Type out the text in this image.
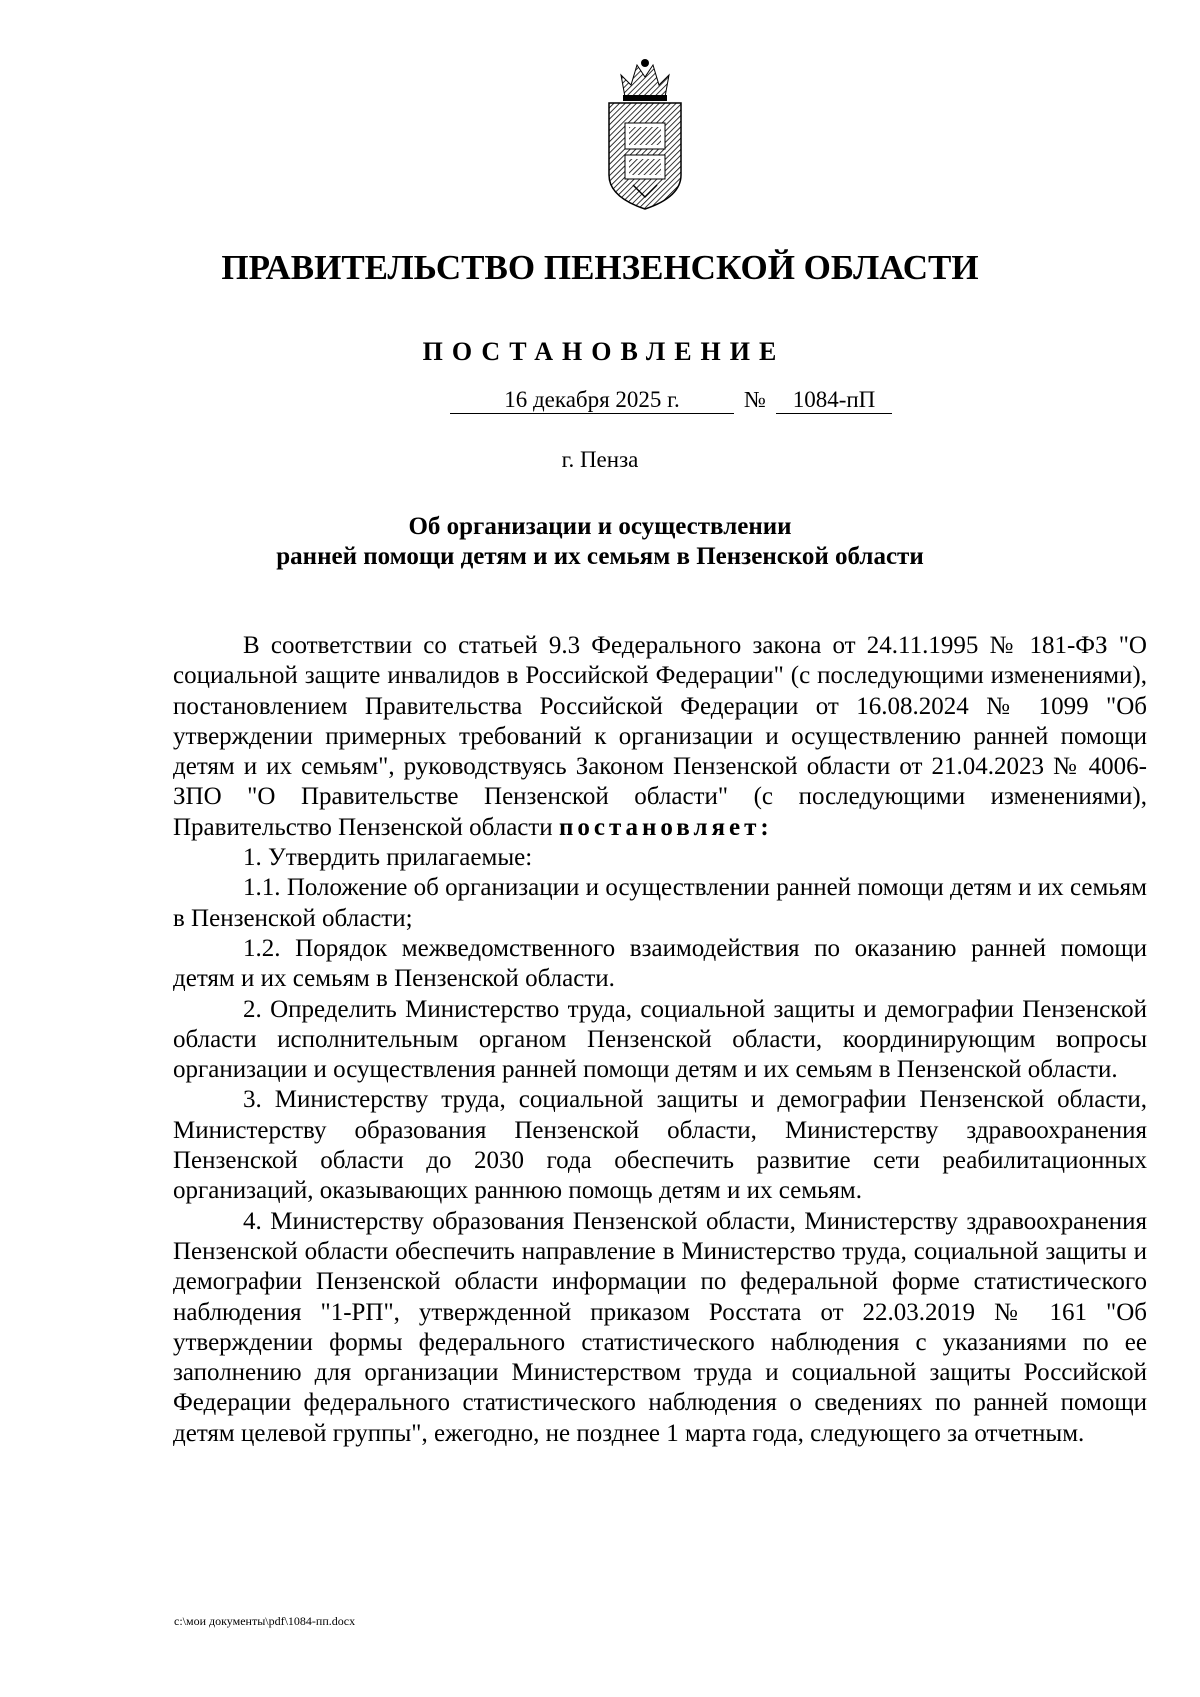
ПРАВИТЕЛЬСТВО ПЕНЗЕНСКОЙ ОБЛАСТИ
ПОСТАНОВЛЕНИЕ
16 декабря 2025 г.	№	1084-пП
г. Пенза
Об организации и осуществлении
ранней помощи детям и их семьям в Пензенской области

В соответствии со статьей 9.3 Федерального закона от 24.11.1995 № 181-ФЗ "О социальной защите инвалидов в Российской Федерации" (с последующими изменениями), постановлением Правительства Российской Федерации от 16.08.2024 № 1099 "Об утверждении примерных требований к организации и осуществлению ранней помощи детям и их семьям", руководствуясь Законом Пензенской области от 21.04.2023 № 4006-ЗПО "О Правительстве Пензенской области" (с последующими изменениями), Правительство Пензенской области постановляет:

1. Утвердить прилагаемые:

1.1. Положение об организации и осуществлении ранней помощи детям и их семьям в Пензенской области;

1.2. Порядок межведомственного взаимодействия по оказанию ранней помощи детям и их семьям в Пензенской области.

2. Определить Министерство труда, социальной защиты и демографии Пензенской области исполнительным органом Пензенской области, координирующим вопросы организации и осуществления ранней помощи детям и их семьям в Пензенской области.

3. Министерству труда, социальной защиты и демографии Пензенской области, Министерству образования Пензенской области, Министерству здравоохранения Пензенской области до 2030 года обеспечить развитие сети реабилитационных организаций, оказывающих раннюю помощь детям и их семьям.

4. Министерству образования Пензенской области, Министерству здравоохранения Пензенской области обеспечить направление в Министерство труда, социальной защиты и демографии Пензенской области информации по федеральной форме статистического наблюдения "1-РП", утвержденной приказом Росстата от 22.03.2019 № 161 "Об утверждении формы федерального статистического наблюдения с указаниями по ее заполнению для организации Министерством труда и социальной защиты Российской Федерации федерального статистического наблюдения о сведениях по ранней помощи детям целевой группы", ежегодно, не позднее 1 марта года, следующего за отчетным.

c:\мои документы\pdf\1084-пп.docx
